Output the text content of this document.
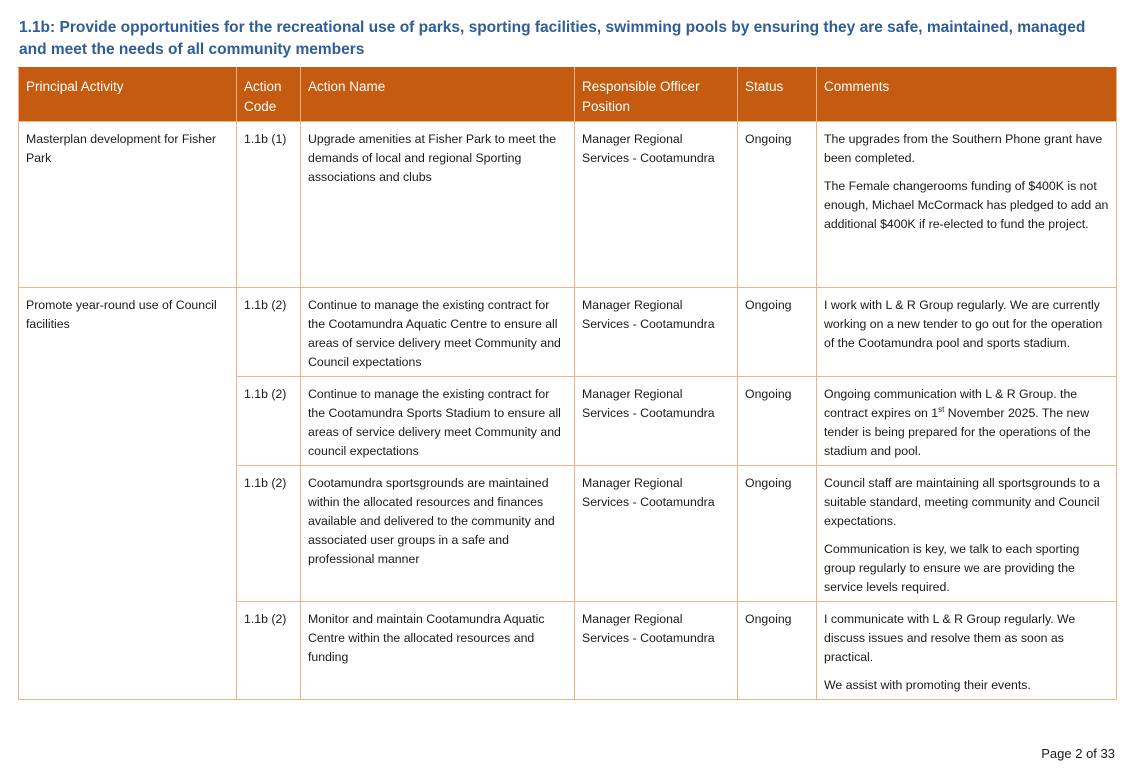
1.1b: Provide opportunities for the recreational use of parks, sporting facilities, swimming pools by ensuring they are safe, maintained, managed and meet the needs of all community members
Principal Activity	Action Code	Action Name	Responsible Officer Position	Status	Comments
Masterplan development for Fisher Park	1.1b (1)	Upgrade amenities at Fisher Park to meet the demands of local and regional Sporting associations and clubs	Manager Regional Services - Cootamundra	Ongoing	The upgrades from the Southern Phone grant have been completed.

The Female changerooms funding of $400K is not enough, Michael McCormack has pledged to add an additional $400K if re-elected to fund the project.

Promote year-round use of Council facilities	1.1b (2)	Continue to manage the existing contract for the Cootamundra Aquatic Centre to ensure all areas of service delivery meet Community and Council expectations	Manager Regional Services - Cootamundra	Ongoing	I work with L & R Group regularly. We are currently working on a new tender to go out for the operation of the Cootamundra pool and sports stadium.

	1.1b (2)	Continue to manage the existing contract for the Cootamundra Sports Stadium to ensure all areas of service delivery meet Community and council expectations	Manager Regional Services - Cootamundra	Ongoing	Ongoing communication with L & R Group. the contract expires on 1st November 2025. The new tender is being prepared for the operations of the stadium and pool.

	1.1b (2)	Cootamundra sportsgrounds are maintained within the allocated resources and finances available and delivered to the community and associated user groups in a safe and professional manner	Manager Regional Services - Cootamundra	Ongoing	Council staff are maintaining all sportsgrounds to a suitable standard, meeting community and Council expectations.

Communication is key, we talk to each sporting group regularly to ensure we are providing the service levels required.

	1.1b (2)	Monitor and maintain Cootamundra Aquatic Centre within the allocated resources and funding	Manager Regional Services - Cootamundra	Ongoing	I communicate with L & R Group regularly. We discuss issues and resolve them as soon as practical.

We assist with promoting their events.

Page 2 of 33
